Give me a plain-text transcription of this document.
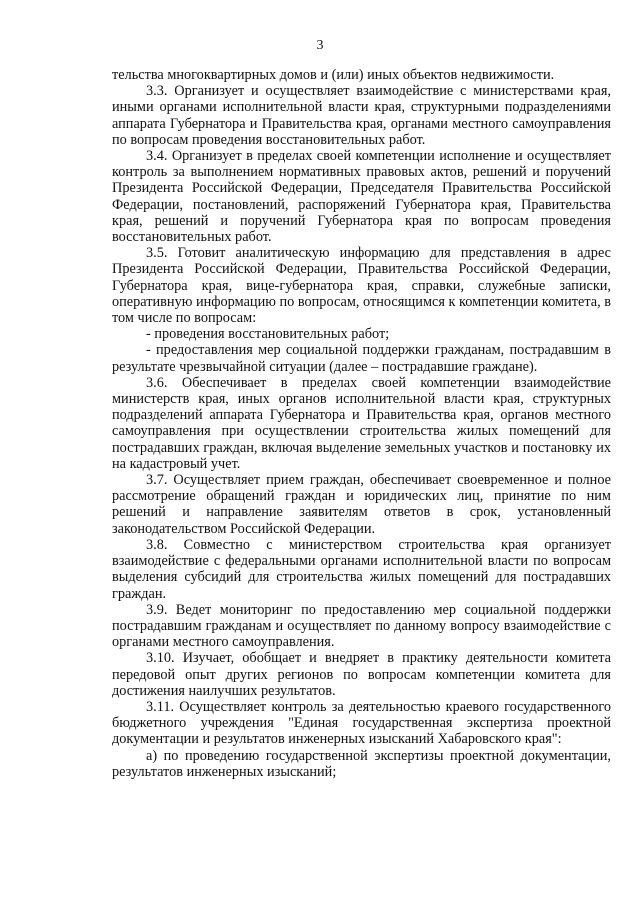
3

тельства многоквартирных домов и (или) иных объектов недвижимости.

3.3. Организует и осуществляет взаимодействие с министерствами края, иными органами исполнительной власти края, структурными подразделениями аппарата Губернатора и Правительства края, органами местного самоуправления по вопросам проведения восстановительных работ.

3.4. Организует в пределах своей компетенции исполнение и осуществляет контроль за выполнением нормативных правовых актов, решений и поручений Президента Российской Федерации, Председателя Правительства Российской Федерации, постановлений, распоряжений Губернатора края, Правительства края, решений и поручений Губернатора края по вопросам проведения восстановительных работ.

3.5. Готовит аналитическую информацию для представления в адрес Президента Российской Федерации, Правительства Российской Федерации, Губернатора края, вице-губернатора края, справки, служебные записки, оперативную информацию по вопросам, относящимся к компетенции комитета, в том числе по вопросам:

- проведения восстановительных работ;

- предоставления мер социальной поддержки гражданам, пострадавшим в результате чрезвычайной ситуации (далее – пострадавшие граждане).

3.6. Обеспечивает в пределах своей компетенции взаимодействие министерств края, иных органов исполнительной власти края, структурных подразделений аппарата Губернатора и Правительства края, органов местного самоуправления при осуществлении строительства жилых помещений для пострадавших граждан, включая выделение земельных участков и постановку их на кадастровый учет.

3.7. Осуществляет прием граждан, обеспечивает своевременное и полное рассмотрение обращений граждан и юридических лиц, принятие по ним решений и направление заявителям ответов в срок, установленный законодательством Российской Федерации.

3.8. Совместно с министерством строительства края организует взаимодействие с федеральными органами исполнительной власти по вопросам выделения субсидий для строительства жилых помещений для пострадавших граждан.

3.9. Ведет мониторинг по предоставлению мер социальной поддержки пострадавшим гражданам и осуществляет по данному вопросу взаимодействие с органами местного самоуправления.

3.10. Изучает, обобщает и внедряет в практику деятельности комитета передовой опыт других регионов по вопросам компетенции комитета для достижения наилучших результатов.

3.11. Осуществляет контроль за деятельностью краевого государственного бюджетного учреждения "Единая государственная экспертиза проектной документации и результатов инженерных изысканий Хабаровского края":

а) по проведению государственной экспертизы проектной документации, результатов инженерных изысканий;
